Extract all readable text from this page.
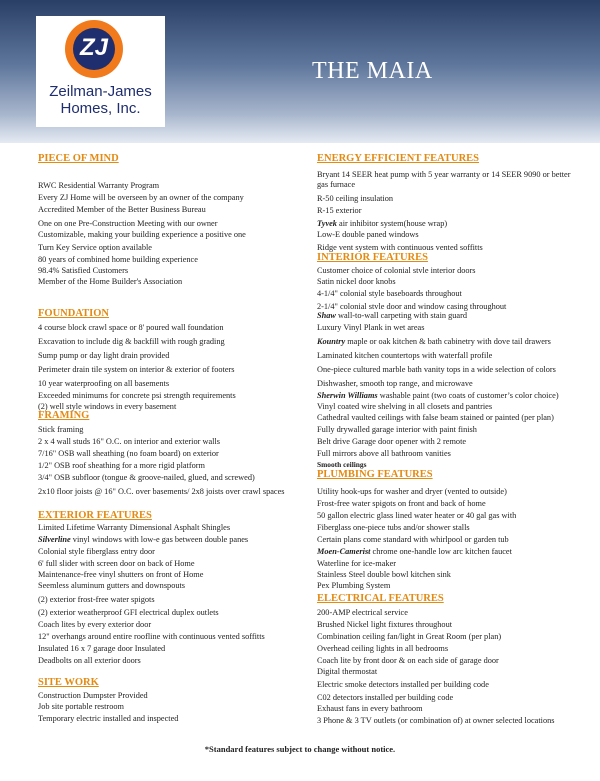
ZJ
Zeilman-James
Homes, Inc.
THE MAIA
PIECE OF MIND
RWC Residential Warranty Program
Every ZJ Home will be overseen by an owner of the company
Accredited Member of the Better Business Bureau
One on one Pre-Construction Meeting with our owner
Customizable, making your building experience a positive one
Turn Key Service option available
80 years of combined home building experience
98.4% Satisfied Customers
Member of the Home Builder's Association
FOUNDATION
4 course block crawl space or 8' poured wall foundation
Excavation to include dig & backfill with rough grading
Sump pump or day light drain provided
Perimeter drain tile system on interior & exterior of footers
10 year waterproofing on all basements
Exceeded minimums for concrete psi strength requirements
(2) well style windows in every basement
FRAMING
Stick framing
2 x 4 wall studs 16" O.C. on interior and exterior walls
7/16" OSB wall sheathing (no foam board) on exterior
1/2" OSB roof sheathing for a more rigid platform
3/4" OSB subfloor (tongue & groove-nailed, glued, and screwed)
2x10 floor joists @ 16" O.C. over basements/ 2x8 joists over crawl spaces
EXTERIOR FEATURES
Limited Lifetime Warranty Dimensional Asphalt Shingles
Silverline vinyl windows with low-e gas between double panes
Colonial style fiberglass entry door
6' full slider with screen door on back of Home
Maintenance-free vinyl shutters on front of Home
Seemless aluminum gutters and downspouts
(2) exterior frost-free water spigots
(2) exterior weatherproof GFI electrical duplex outlets
Coach lites by every exterior door
12" overhangs around entire roofline with continuous vented soffitts
Insulated 16 x 7 garage door Insulated
Deadbolts on all exterior doors
SITE WORK
Construction Dumpster Provided
Job site portable restroom
Temporary electric installed and inspected
ENERGY EFFICIENT FEATURES
Bryant 14 SEER heat pump with 5 year warranty or 14 SEER 9090 or better gas furnace
R-50 ceiling insulation
R-15 exterior
Tyvek air inhibitor system(house wrap)
Low-E double paned windows
Ridge vent system with continuous vented soffitts
INTERIOR FEATURES
Customer choice of colonial stvle interior doors
Satin nickel door knobs
4-1/4" colonial style baseboards throughout
2-1/4" colonial stvle door and window casing throughout
Shaw wall-to-wall carpeting with stain guard
Luxury Vinyl Plank in wet areas
Kountry maple or oak kitchen & bath cabinetry with dove tail drawers
Laminated kitchen countertops with waterfall profile
One-piece cultured marble bath vanity tops in a wide selection of colors
Dishwasher, smooth top range, and microwave
Sherwin Williams washable paint (two coats of customer’s color choice)
Vinyl coated wire shelving in all closets and pantries
Cathedral vaulted ceilings with false beam stained or painted (per plan)
Fully drywalled garage interior with paint finish
Belt drive Garage door opener with 2 remote
Full mirrors above all bathroom vanities
Smooth ceilings
PLUMBING FEATURES
Utility hook-ups for washer and dryer (vented to outside)
Frost-free water spigots on front and back of home
50 gallon electric glass lined water heater or 40 gal gas with
Fiberglass one-piece tubs and/or shower stalls
Certain plans come standard with whirlpool or garden tub
Moen-Camerist chrome one-handle low arc kitchen faucet
Waterline for ice-maker
Stainless Steel double bowl kitchen sink
Pex Plumbing System
ELECTRICAL FEATURES
200-AMP electrical service
Brushed Nickel light fixtures throughout
Combination ceiling fan/light in Great Room (per plan)
Overhead ceiling lights in all bedrooms
Coach lite by front door & on each side of garage door
Digital thermostat
Electric smoke detectors installed per building code
C02 detectors installed per building code
Exhaust fans in every bathroom
3 Phone & 3 TV outlets (or combination of) at owner selected locations
*Standard features subject to change without notice.
